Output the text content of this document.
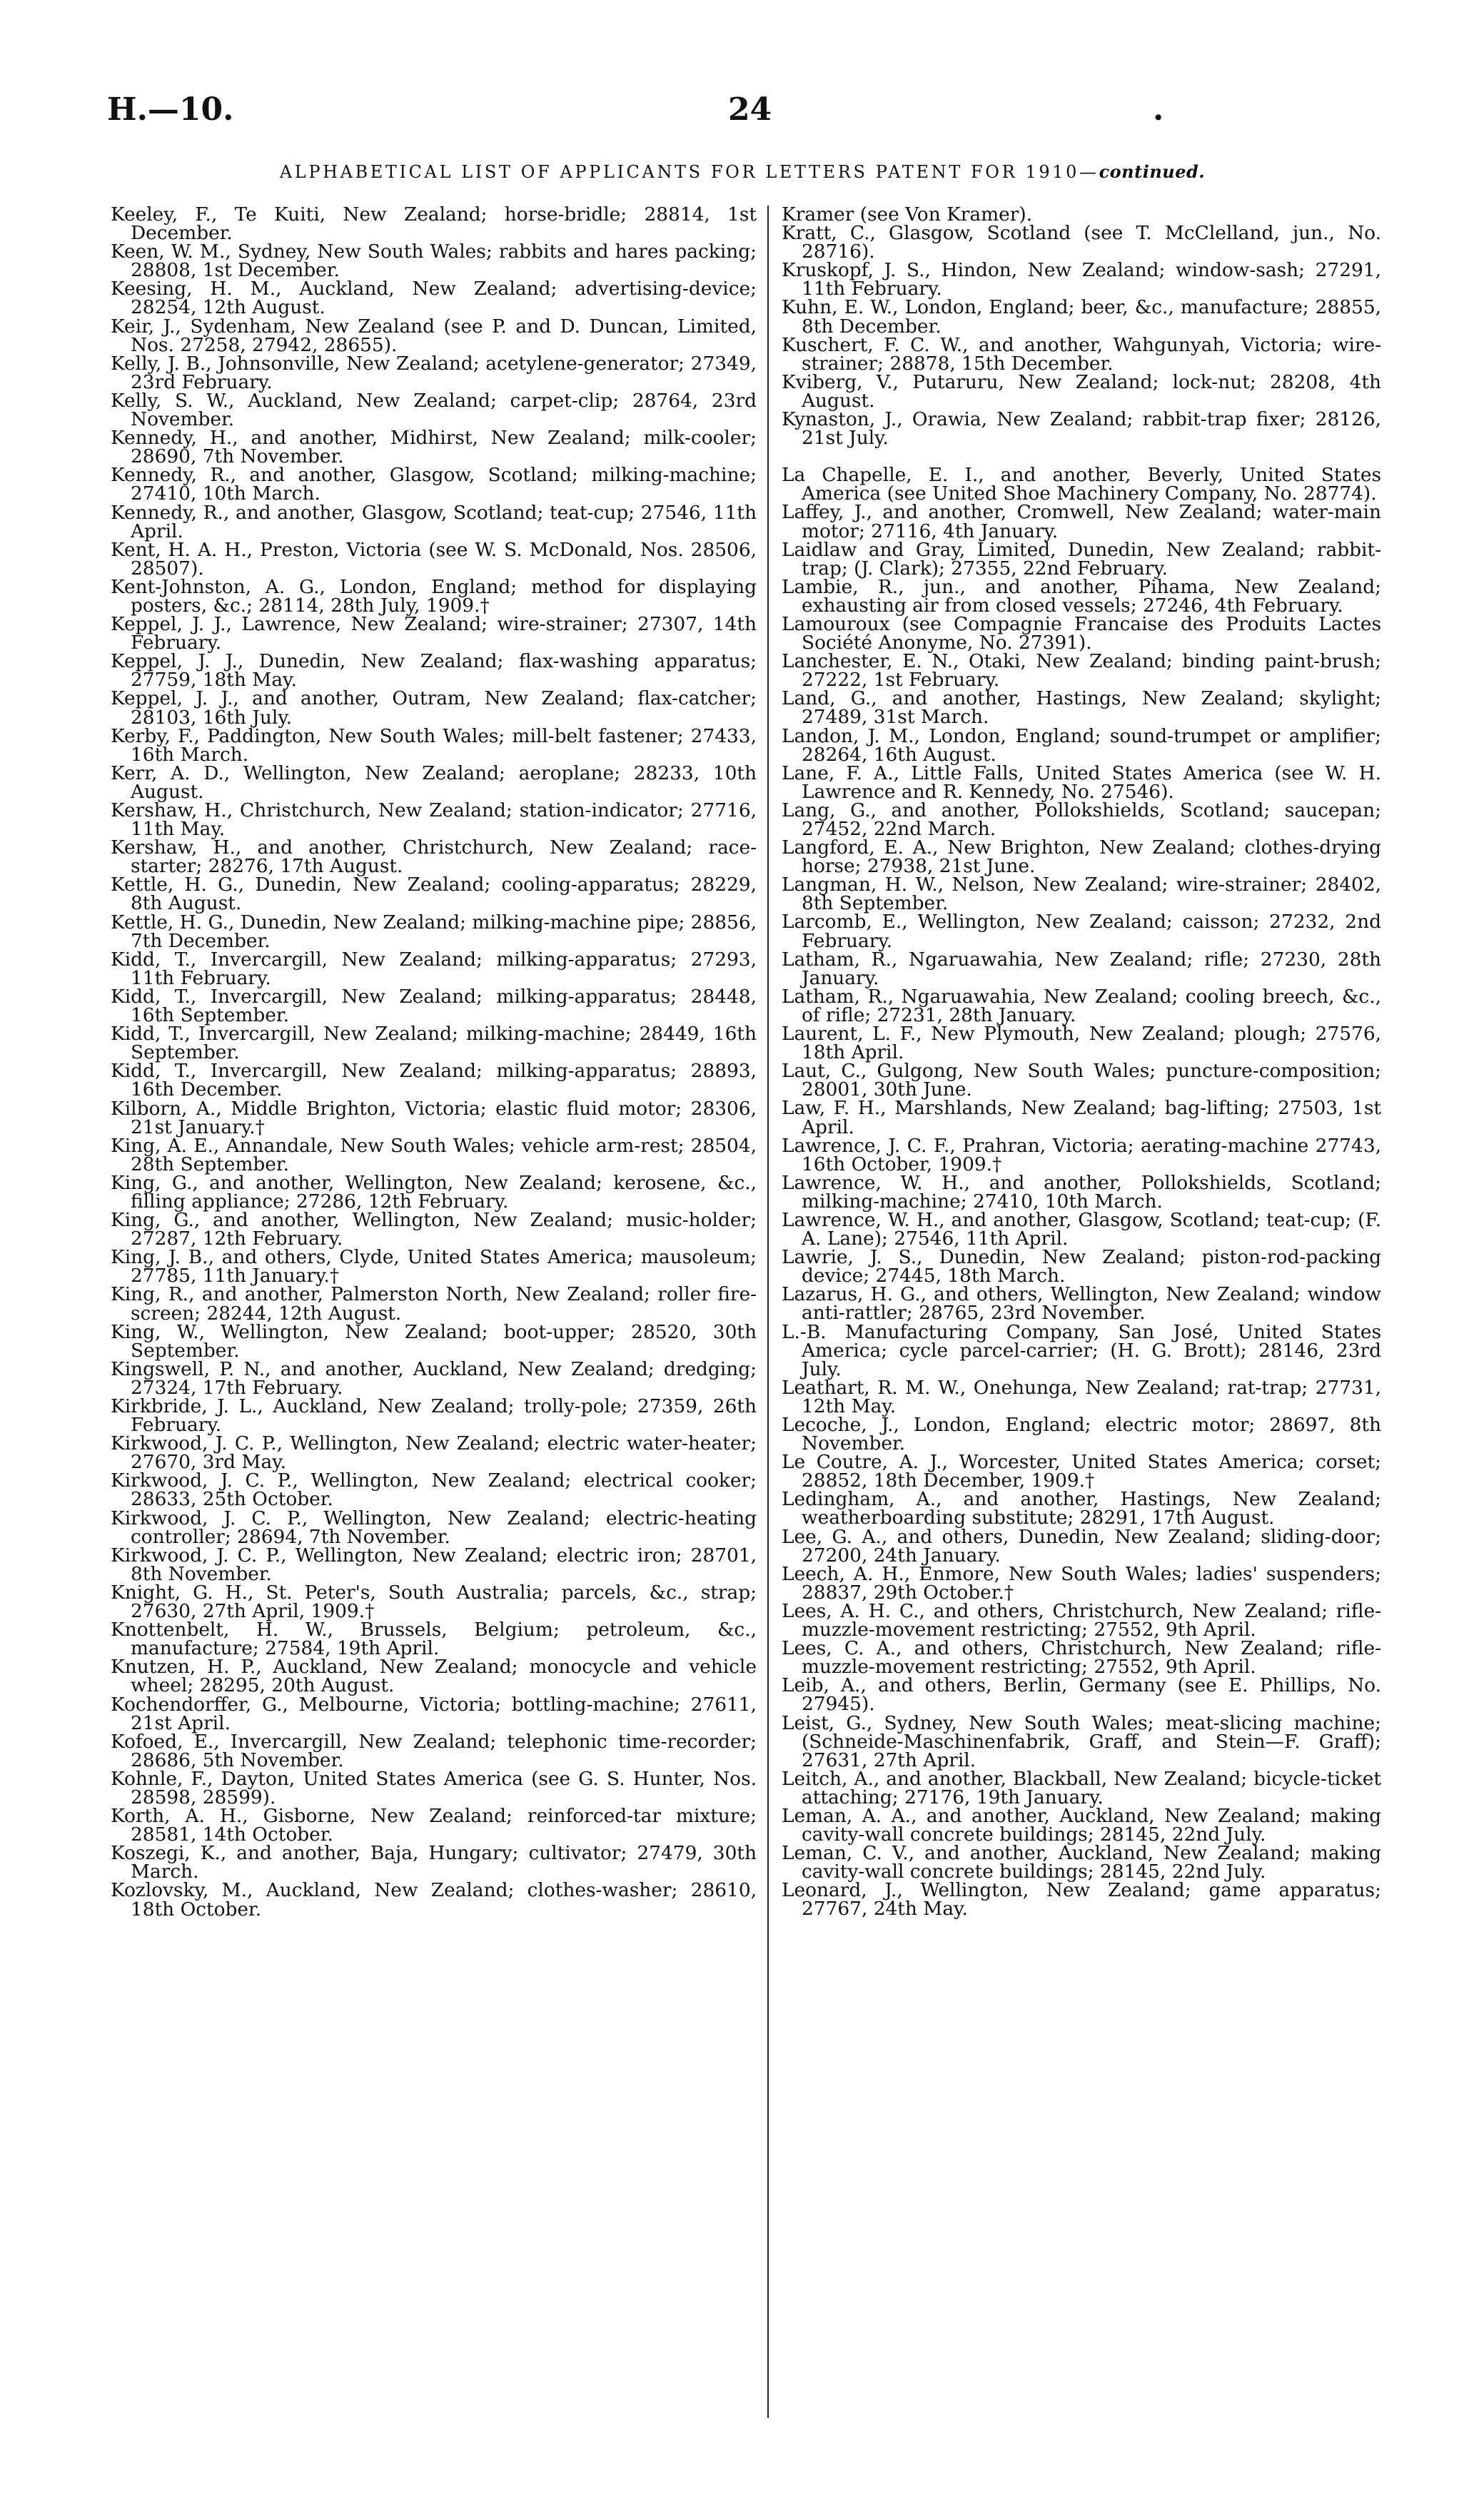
H.—10.	24	.
ALPHABETICAL LIST OF APPLICANTS FOR LETTERS PATENT FOR 1910—continued.

Keeley, F., Te Kuiti, New Zealand; horse-bridle; 28814, 1st December.

Keen, W. M., Sydney, New South Wales; rabbits and hares packing; 28808, 1st December.

Keesing, H. M., Auckland, New Zealand; advertising-device; 28254, 12th August.

Keir, J., Sydenham, New Zealand (see P. and D. Duncan, Limited, Nos. 27258, 27942, 28655).

Kelly, J. B., Johnsonville, New Zealand; acetylene-generator; 27349, 23rd February.

Kelly, S. W., Auckland, New Zealand; carpet-clip; 28764, 23rd November.

Kennedy, H., and another, Midhirst, New Zealand; milk-cooler; 28690, 7th November.

Kennedy, R., and another, Glasgow, Scotland; milking-machine; 27410, 10th March.

Kennedy, R., and another, Glasgow, Scotland; teat-cup; 27546, 11th April.

Kent, H. A. H., Preston, Victoria (see W. S. McDonald, Nos. 28506, 28507).

Kent-Johnston, A. G., London, England; method for displaying posters, &c.; 28114, 28th July, 1909.†

Keppel, J. J., Lawrence, New Zealand; wire-strainer; 27307, 14th February.

Keppel, J. J., Dunedin, New Zealand; flax-washing apparatus; 27759, 18th May.

Keppel, J. J., and another, Outram, New Zealand; flax-catcher; 28103, 16th July.

Kerby, F., Paddington, New South Wales; mill-belt fastener; 27433, 16th March.

Kerr, A. D., Wellington, New Zealand; aeroplane; 28233, 10th August.

Kershaw, H., Christchurch, New Zealand; station-indicator; 27716, 11th May.

Kershaw, H., and another, Christchurch, New Zealand; race-starter; 28276, 17th August.

Kettle, H. G., Dunedin, New Zealand; cooling-apparatus; 28229, 8th August.

Kettle, H. G., Dunedin, New Zealand; milking-machine pipe; 28856, 7th December.

Kidd, T., Invercargill, New Zealand; milking-apparatus; 27293, 11th February.

Kidd, T., Invercargill, New Zealand; milking-apparatus; 28448, 16th September.

Kidd, T., Invercargill, New Zealand; milking-machine; 28449, 16th September.

Kidd, T., Invercargill, New Zealand; milking-apparatus; 28893, 16th December.

Kilborn, A., Middle Brighton, Victoria; elastic fluid motor; 28306, 21st January.†

King, A. E., Annandale, New South Wales; vehicle arm-rest; 28504, 28th September.

King, G., and another, Wellington, New Zealand; kerosene, &c., filling appliance; 27286, 12th February.

King, G., and another, Wellington, New Zealand; music-holder; 27287, 12th February.

King, J. B., and others, Clyde, United States America; mausoleum; 27785, 11th January.†

King, R., and another, Palmerston North, New Zealand; roller fire-screen; 28244, 12th August.

King, W., Wellington, New Zealand; boot-upper; 28520, 30th September.

Kingswell, P. N., and another, Auckland, New Zealand; dredging; 27324, 17th February.

Kirkbride, J. L., Auckland, New Zealand; trolly-pole; 27359, 26th February.

Kirkwood, J. C. P., Wellington, New Zealand; electric water-heater; 27670, 3rd May.

Kirkwood, J. C. P., Wellington, New Zealand; electrical cooker; 28633, 25th October.

Kirkwood, J. C. P., Wellington, New Zealand; electric-heating controller; 28694, 7th November.

Kirkwood, J. C. P., Wellington, New Zealand; electric iron; 28701, 8th November.

Knight, G. H., St. Peter's, South Australia; parcels, &c., strap; 27630, 27th April, 1909.†

Knottenbelt, H. W., Brussels, Belgium; petroleum, &c., manufacture; 27584, 19th April.

Knutzen, H. P., Auckland, New Zealand; monocycle and vehicle wheel; 28295, 20th August.

Kochendorffer, G., Melbourne, Victoria; bottling-machine; 27611, 21st April.

Kofoed, E., Invercargill, New Zealand; telephonic time-recorder; 28686, 5th November.

Kohnle, F., Dayton, United States America (see G. S. Hunter, Nos. 28598, 28599).

Korth, A. H., Gisborne, New Zealand; reinforced-tar mixture; 28581, 14th October.

Koszegi, K., and another, Baja, Hungary; cultivator; 27479, 30th March.

Kozlovsky, M., Auckland, New Zealand; clothes-washer; 28610, 18th October.

Kramer (see Von Kramer).

Kratt, C., Glasgow, Scotland (see T. McClelland, jun., No. 28716).

Kruskopf, J. S., Hindon, New Zealand; window-sash; 27291, 11th February.

Kuhn, E. W., London, England; beer, &c., manufacture; 28855, 8th December.

Kuschert, F. C. W., and another, Wahgunyah, Victoria; wire-strainer; 28878, 15th December.

Kviberg, V., Putaruru, New Zealand; lock-nut; 28208, 4th August.

Kynaston, J., Orawia, New Zealand; rabbit-trap fixer; 28126, 21st July.

La Chapelle, E. I., and another, Beverly, United States America (see United Shoe Machinery Company, No. 28774).

Laffey, J., and another, Cromwell, New Zealand; water-main motor; 27116, 4th January.

Laidlaw and Gray, Limited, Dunedin, New Zealand; rabbit-trap; (J. Clark); 27355, 22nd February.

Lambie, R., jun., and another, Pihama, New Zealand; exhausting air from closed vessels; 27246, 4th February.

Lamouroux (see Compagnie Francaise des Produits Lactes Société Anonyme, No. 27391).

Lanchester, E. N., Otaki, New Zealand; binding paint-brush; 27222, 1st February.

Land, G., and another, Hastings, New Zealand; skylight; 27489, 31st March.

Landon, J. M., London, England; sound-trumpet or amplifier; 28264, 16th August.

Lane, F. A., Little Falls, United States America (see W. H. Lawrence and R. Kennedy, No. 27546).

Lang, G., and another, Pollokshields, Scotland; saucepan; 27452, 22nd March.

Langford, E. A., New Brighton, New Zealand; clothes-drying horse; 27938, 21st June.

Langman, H. W., Nelson, New Zealand; wire-strainer; 28402, 8th September.

Larcomb, E., Wellington, New Zealand; caisson; 27232, 2nd February.

Latham, R., Ngaruawahia, New Zealand; rifle; 27230, 28th January.

Latham, R., Ngaruawahia, New Zealand; cooling breech, &c., of rifle; 27231, 28th January.

Laurent, L. F., New Plymouth, New Zealand; plough; 27576, 18th April.

Laut, C., Gulgong, New South Wales; puncture-composition; 28001, 30th June.

Law, F. H., Marshlands, New Zealand; bag-lifting; 27503, 1st April.

Lawrence, J. C. F., Prahran, Victoria; aerating-machine 27743, 16th October, 1909.†

Lawrence, W. H., and another, Pollokshields, Scotland; milking-machine; 27410, 10th March.

Lawrence, W. H., and another, Glasgow, Scotland; teat-cup; (F. A. Lane); 27546, 11th April.

Lawrie, J. S., Dunedin, New Zealand; piston-rod-packing device; 27445, 18th March.

Lazarus, H. G., and others, Wellington, New Zealand; window anti-rattler; 28765, 23rd November.

L.-B. Manufacturing Company, San José, United States America; cycle parcel-carrier; (H. G. Brott); 28146, 23rd July.

Leathart, R. M. W., Onehunga, New Zealand; rat-trap; 27731, 12th May.

Lecoche, J., London, England; electric motor; 28697, 8th November.

Le Coutre, A. J., Worcester, United States America; corset; 28852, 18th December, 1909.†

Ledingham, A., and another, Hastings, New Zealand; weatherboarding substitute; 28291, 17th August.

Lee, G. A., and others, Dunedin, New Zealand; sliding-door; 27200, 24th January.

Leech, A. H., Enmore, New South Wales; ladies' suspenders; 28837, 29th October.†

Lees, A. H. C., and others, Christchurch, New Zealand; rifle-muzzle-movement restricting; 27552, 9th April.

Lees, C. A., and others, Christchurch, New Zealand; rifle-muzzle-movement restricting; 27552, 9th April.

Leib, A., and others, Berlin, Germany (see E. Phillips, No. 27945).

Leist, G., Sydney, New South Wales; meat-slicing machine; (Schneide-Maschinenfabrik, Graff, and Stein—F. Graff); 27631, 27th April.

Leitch, A., and another, Blackball, New Zealand; bicycle-ticket attaching; 27176, 19th January.

Leman, A. A., and another, Auckland, New Zealand; making cavity-wall concrete buildings; 28145, 22nd July.

Leman, C. V., and another, Auckland, New Zealand; making cavity-wall concrete buildings; 28145, 22nd July.

Leonard, J., Wellington, New Zealand; game apparatus; 27767, 24th May.
